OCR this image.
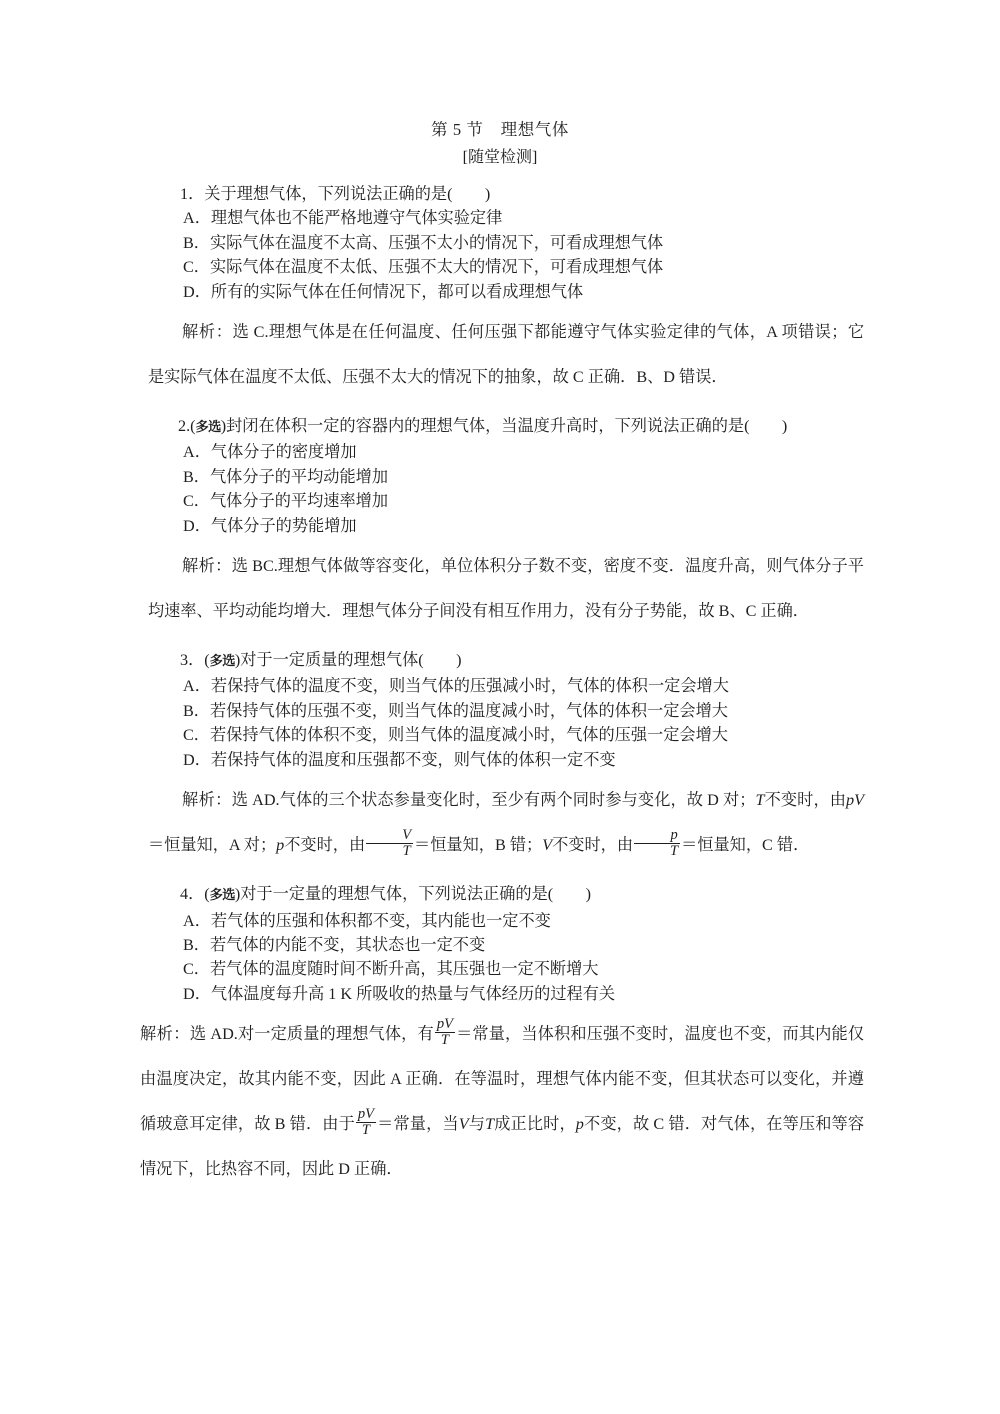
第 5 节　理想气体
[随堂检测]
1．关于理想气体，下列说法正确的是(　　)
A．理想气体也不能严格地遵守气体实验定律
B．实际气体在温度不太高、压强不太小的情况下，可看成理想气体
C．实际气体在温度不太低、压强不太大的情况下，可看成理想气体
D．所有的实际气体在任何情况下，都可以看成理想气体
解析：选 C.理想气体是在任何温度、任何压强下都能遵守气体实验定律的气体，A 项错误；它是实际气体在温度不太低、压强不太大的情况下的抽象，故 C 正确．B、D 错误．
2.(多选)封闭在体积一定的容器内的理想气体，当温度升高时，下列说法正确的是(　　)
A．气体分子的密度增加
B．气体分子的平均动能增加
C．气体分子的平均速率增加
D．气体分子的势能增加
解析：选 BC.理想气体做等容变化，单位体积分子数不变，密度不变．温度升高，则气体分子平均速率、平均动能均增大．理想气体分子间没有相互作用力，没有分子势能，故 B、C 正确．
3．(多选)对于一定质量的理想气体(　　)
A．若保持气体的温度不变，则当气体的压强减小时，气体的体积一定会增大
B．若保持气体的压强不变，则当气体的温度减小时，气体的体积一定会增大
C．若保持气体的体积不变，则当气体的温度减小时，气体的压强一定会增大
D．若保持气体的温度和压强都不变，则气体的体积一定不变
解析：选 AD.气体的三个状态参量变化时，至少有两个同时参与变化，故 D 对；T不变时，由pV＝恒量知，A 对；p不变时，由 $\frac{V}{T}$ ＝恒量知，B 错；V不变时，由 $\frac{p}{T}$ ＝恒量知，C 错．
4．(多选)对于一定量的理想气体，下列说法正确的是(　　)
A．若气体的压强和体积都不变，其内能也一定不变
B．若气体的内能不变，其状态也一定不变
C．若气体的温度随时间不断升高，其压强也一定不断增大
D．气体温度每升高 1 K 所吸收的热量与气体经历的过程有关
解析：选 AD.对一定质量的理想气体，有 $\frac{pV}{T}$ ＝常量，当体积和压强不变时，温度也不变，而其内能仅由温度决定，故其内能不变，因此 A 正确．在等温时，理想气体内能不变，但其状态可以变化，并遵循玻意耳定律，故 B 错．由于 $\frac{pV}{T}$ ＝常量，当V与T成正比时，p不变，故 C 错．对气体，在等压和等容情况下，比热容不同，因此 D 正确．
